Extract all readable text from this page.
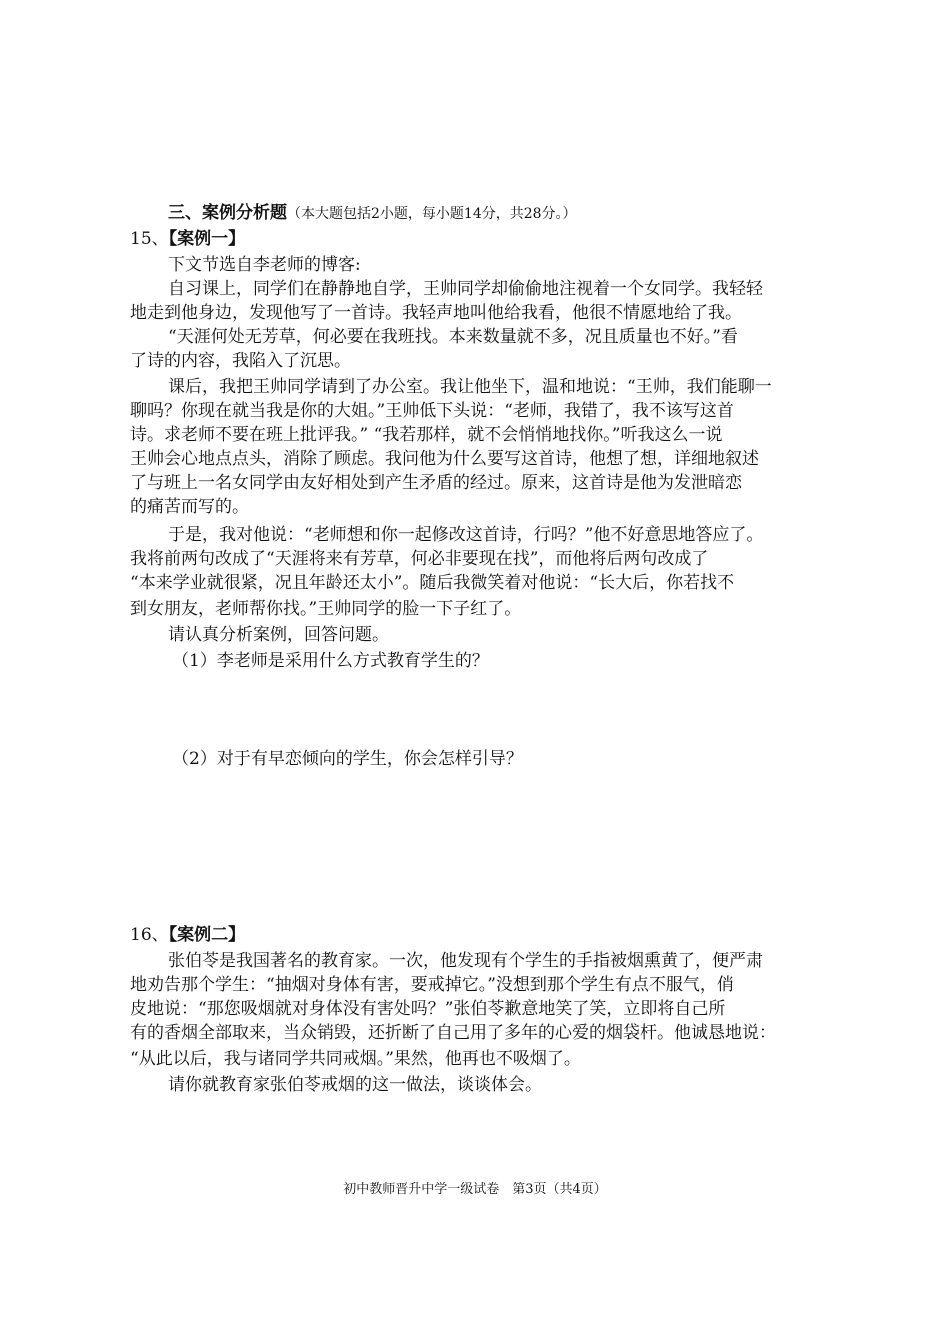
三、案例分析题（本大题包括2小题，每小题14分，共28分。）
15、【案例一】
下文节选自李老师的博客:
自习课上，同学们在静静地自学，王帅同学却偷偷地注视着一个女同学。我轻轻
地走到他身边，发现他写了一首诗。我轻声地叫他给我看，他很不情愿地给了我。
“天涯何处无芳草，何必要在我班找。本来数量就不多，况且质量也不好。”看
了诗的内容，我陷入了沉思。
课后，我把王帅同学请到了办公室。我让他坐下，温和地说：“王帅，我们能聊一
聊吗？你现在就当我是你的大姐。”王帅低下头说：“老师，我错了，我不该写这首
诗。求老师不要在班上批评我。” “我若那样，就不会悄悄地找你。”听我这么一说
王帅会心地点点头，消除了顾虑。我问他为什么要写这首诗，他想了想，详细地叙述
了与班上一名女同学由友好相处到产生矛盾的经过。原来，这首诗是他为发泄暗恋
的痛苦而写的。
于是，我对他说：“老师想和你一起修改这首诗，行吗？”他不好意思地答应了。
我将前两句改成了“天涯将来有芳草，何必非要现在找”，而他将后两句改成了
“本来学业就很紧，况且年龄还太小”。随后我微笑着对他说：“长大后，你若找不
到女朋友，老师帮你找。”王帅同学的脸一下子红了。
请认真分析案例，回答问题。
（1）李老师是采用什么方式教育学生的？
（2）对于有早恋倾向的学生，你会怎样引导？
16、【案例二】
张伯苓是我国著名的教育家。一次，他发现有个学生的手指被烟熏黄了，便严肃
地劝告那个学生：“抽烟对身体有害，要戒掉它。”没想到那个学生有点不服气，俏
皮地说：“那您吸烟就对身体没有害处吗？”张伯苓歉意地笑了笑，立即将自己所
有的香烟全部取来，当众销毁，还折断了自己用了多年的心爱的烟袋杆。他诚恳地说：
“从此以后，我与诸同学共同戒烟。”果然，他再也不吸烟了。
请你就教育家张伯苓戒烟的这一做法，谈谈体会。
初中教师晋升中学一级试卷　第3页（共4页）
